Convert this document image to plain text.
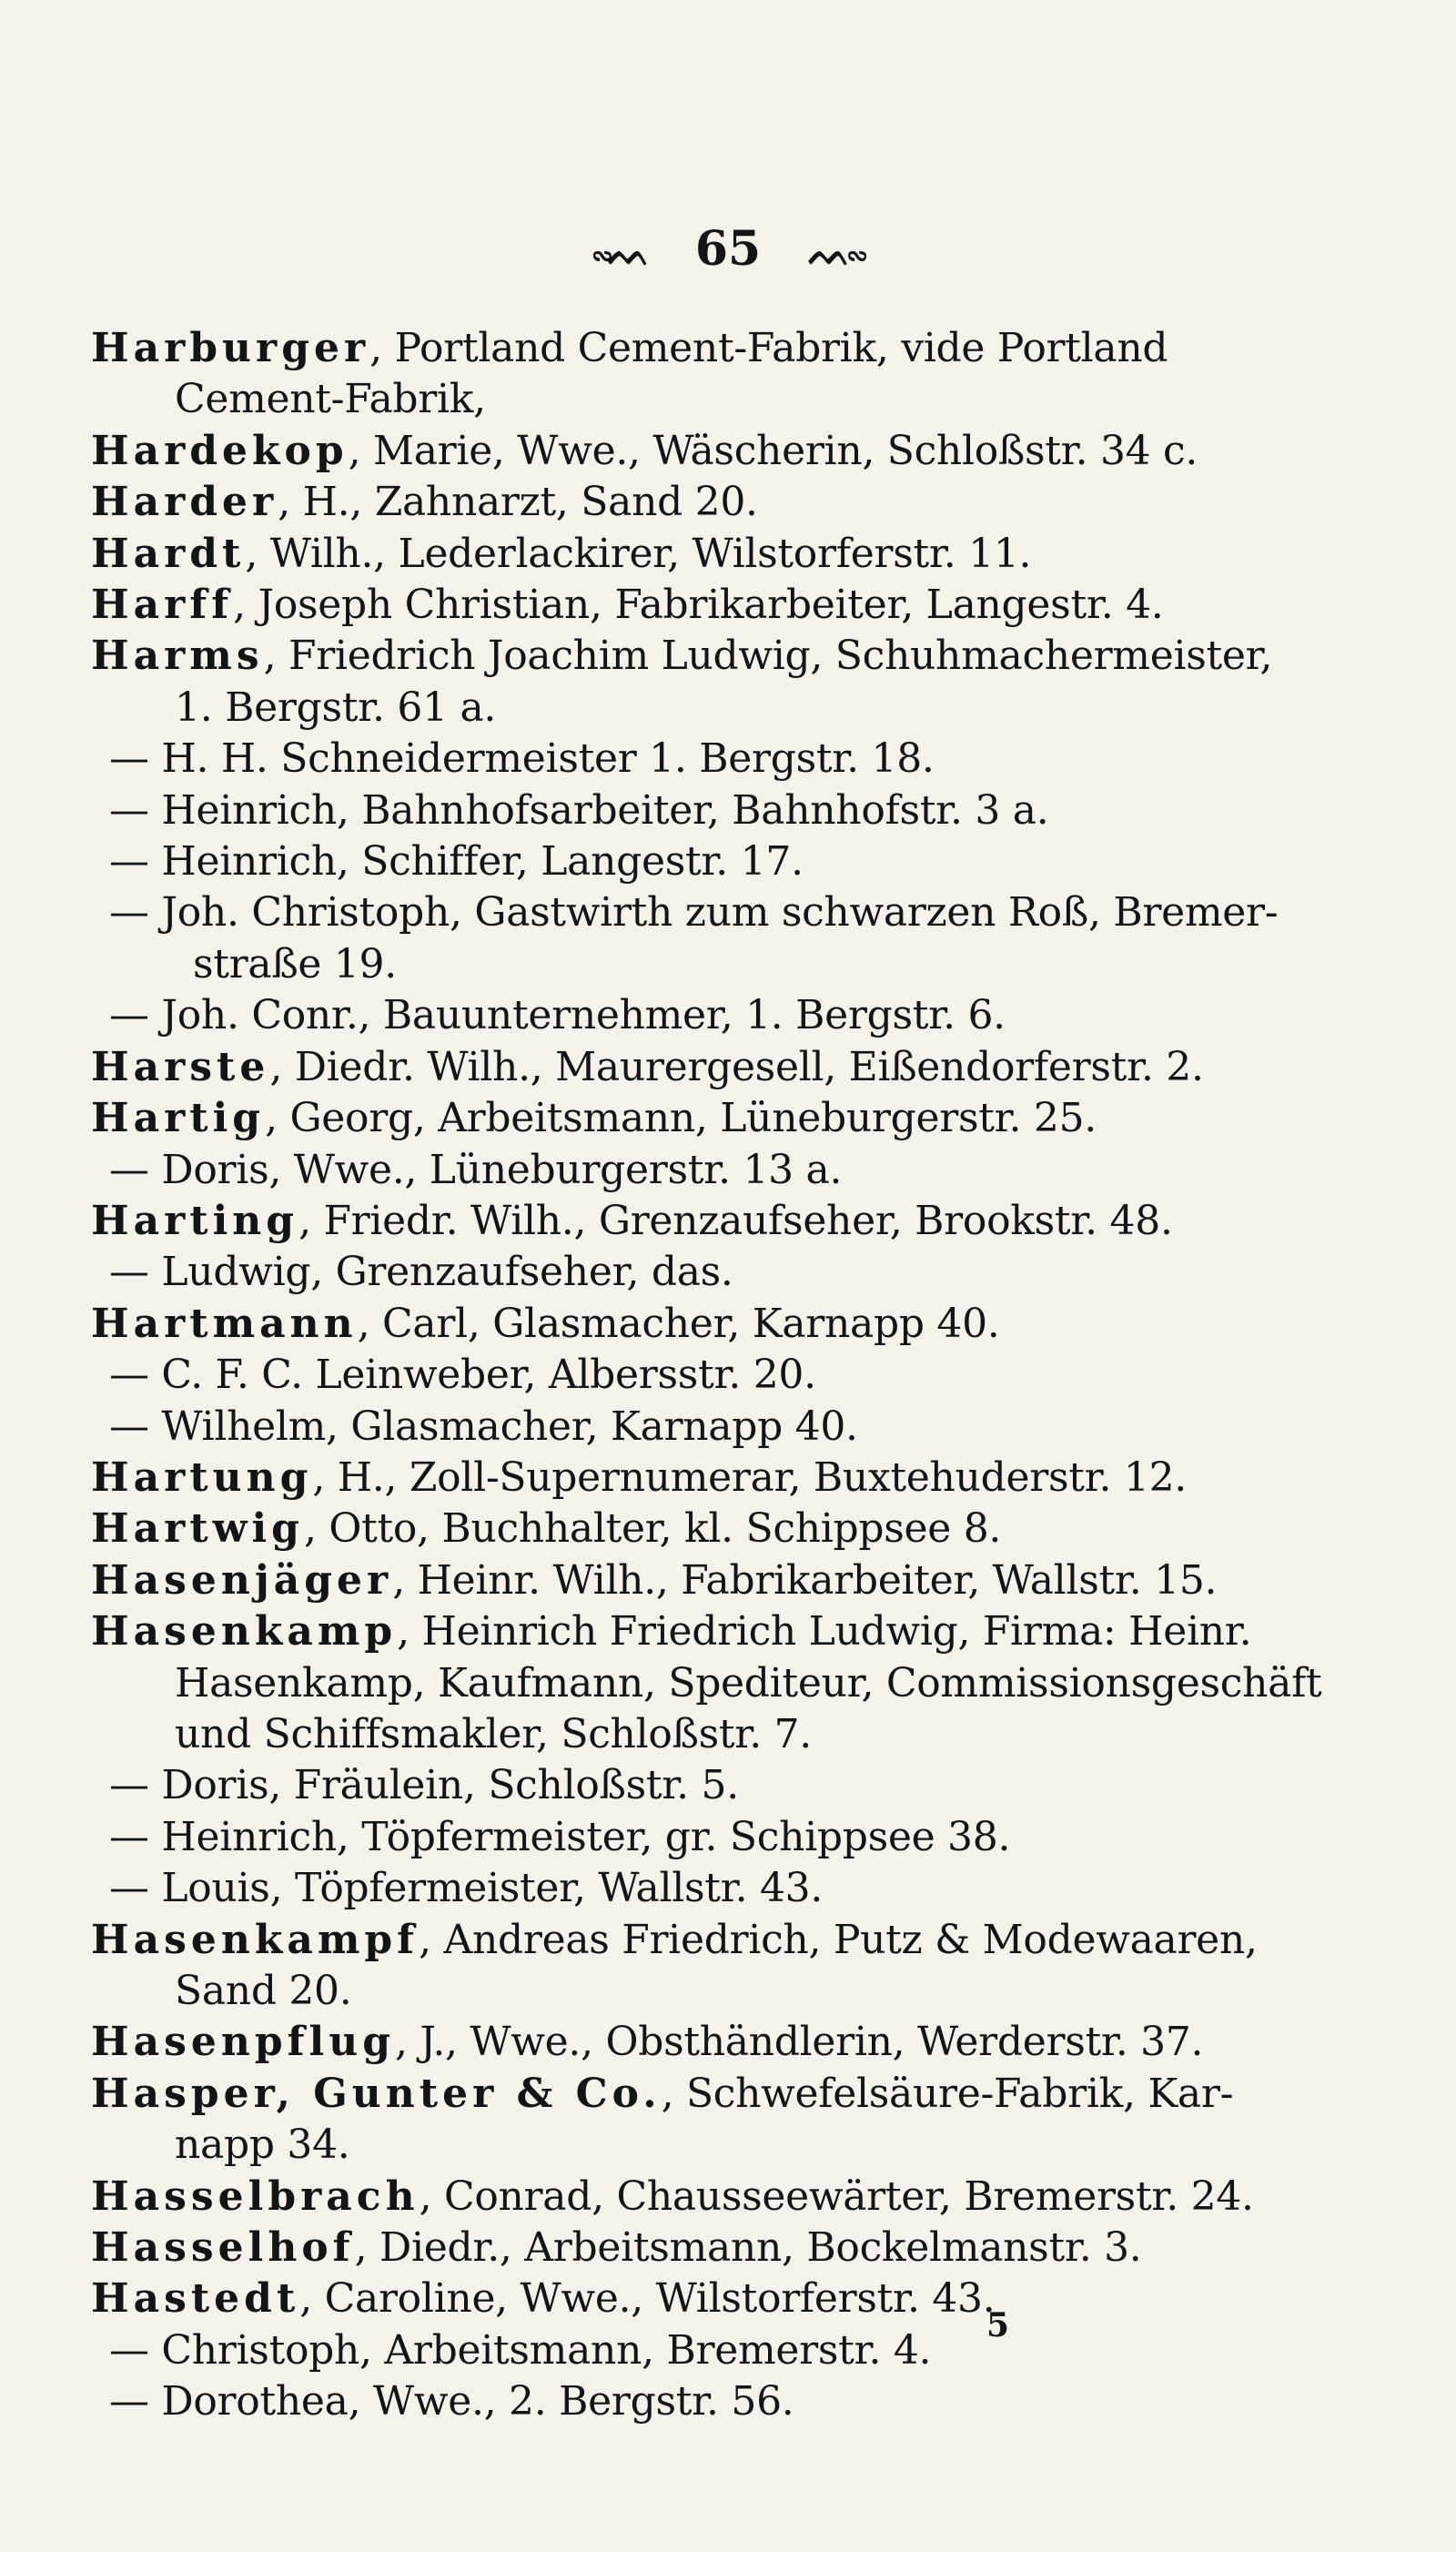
∾ᨓ 65 ᨓ∾
Harburger, Portland Cement-Fabrik, vide Portland
Cement-Fabrik,
Hardekop, Marie, Wwe., Wäscherin, Schloßstr. 34 c.
Harder, H., Zahnarzt, Sand 20.
Hardt, Wilh., Lederlackirer, Wilstorferstr. 11.
Harff, Joseph Christian, Fabrikarbeiter, Langestr. 4.
Harms, Friedrich Joachim Ludwig, Schuhmachermeister,
1. Bergstr. 61 a.
— H. H. Schneidermeister 1. Bergstr. 18.
— Heinrich, Bahnhofsarbeiter, Bahnhofstr. 3 a.
— Heinrich, Schiffer, Langestr. 17.
— Joh. Christoph, Gastwirth zum schwarzen Roß, Bremer-
straße 19.
— Joh. Conr., Bauunternehmer, 1. Bergstr. 6.
Harste, Diedr. Wilh., Maurergesell, Eißendorferstr. 2.
Hartig, Georg, Arbeitsmann, Lüneburgerstr. 25.
— Doris, Wwe., Lüneburgerstr. 13 a.
Harting, Friedr. Wilh., Grenzaufseher, Brookstr. 48.
— Ludwig, Grenzaufseher, das.
Hartmann, Carl, Glasmacher, Karnapp 40.
— C. F. C. Leinweber, Albersstr. 20.
— Wilhelm, Glasmacher, Karnapp 40.
Hartung, H., Zoll-Supernumerar, Buxtehuderstr. 12.
Hartwig, Otto, Buchhalter, kl. Schippsee 8.
Hasenjäger, Heinr. Wilh., Fabrikarbeiter, Wallstr. 15.
Hasenkamp, Heinrich Friedrich Ludwig, Firma: Heinr.
Hasenkamp, Kaufmann, Spediteur, Commissionsgeschäft
und Schiffsmakler, Schloßstr. 7.
— Doris, Fräulein, Schloßstr. 5.
— Heinrich, Töpfermeister, gr. Schippsee 38.
— Louis, Töpfermeister, Wallstr. 43.
Hasenkampf, Andreas Friedrich, Putz & Modewaaren,
Sand 20.
Hasenpflug, J., Wwe., Obsthändlerin, Werderstr. 37.
Hasper, Gunter & Co., Schwefelsäure-Fabrik, Kar-
napp 34.
Hasselbrach, Conrad, Chausseewärter, Bremerstr. 24.
Hasselhof, Diedr., Arbeitsmann, Bockelmanstr. 3.
Hastedt, Caroline, Wwe., Wilstorferstr. 43.
— Christoph, Arbeitsmann, Bremerstr. 4.
— Dorothea, Wwe., 2. Bergstr. 56.
5
